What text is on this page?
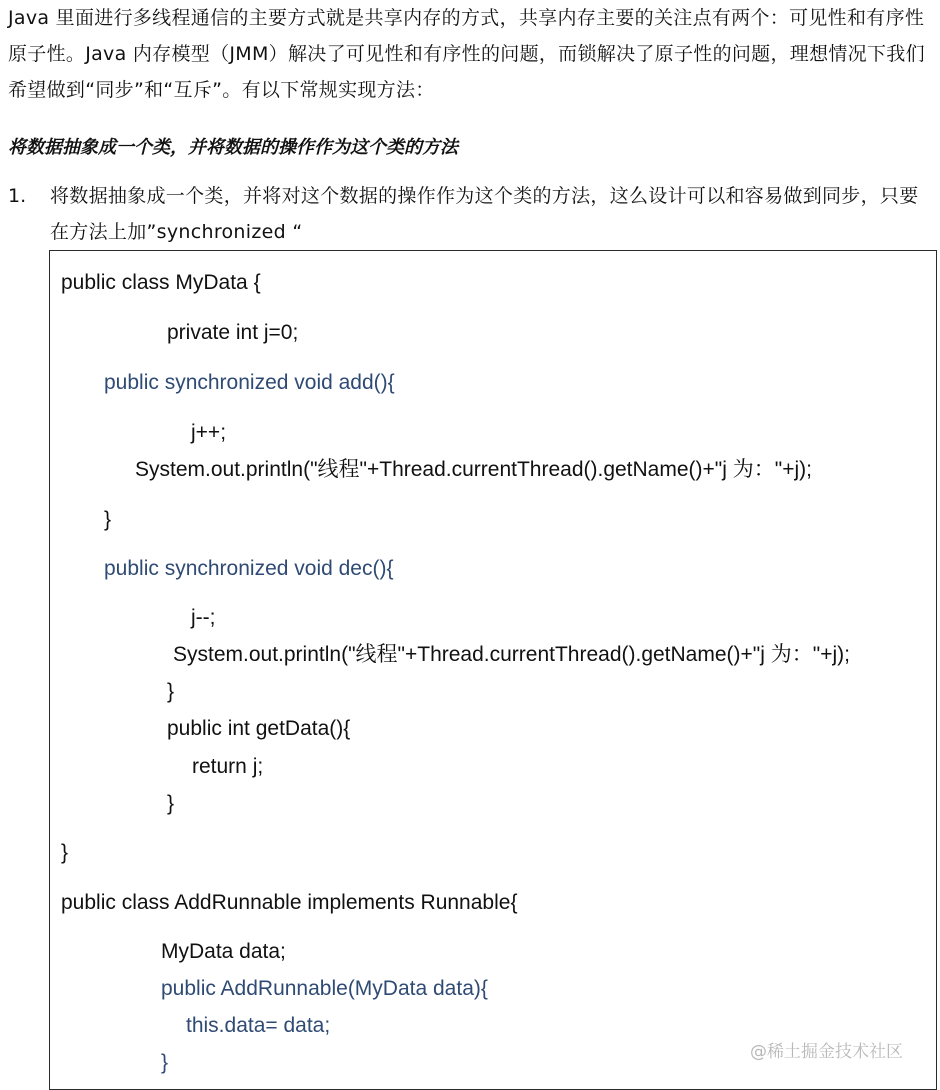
Java 里面进行多线程通信的主要方式就是共享内存的方式，共享内存主要的关注点有两个：可见性和有序性原子性。Java 内存模型（JMM）解决了可见性和有序性的问题，而锁解决了原子性的问题，理想情况下我们希望做到“同步”和“互斥”。有以下常规实现方法：

将数据抽象成一个类，并将数据的操作作为这个类的方法

1. 将数据抽象成一个类，并将对这个数据的操作作为这个类的方法，这么设计可以和容易做到同步，只要在方法上加”synchronized “

public class MyData {
private int j=0;
public synchronized void add(){
j++;
System.out.println("线程"+Thread.currentThread().getName()+"j 为："+j);
}
public synchronized void dec(){
j--;
System.out.println("线程"+Thread.currentThread().getName()+"j 为："+j);
}
public int getData(){
return j;
}
}
public class AddRunnable implements Runnable{
MyData data;
public AddRunnable(MyData data){
this.data= data;
}	@稀土掘金技术社区
